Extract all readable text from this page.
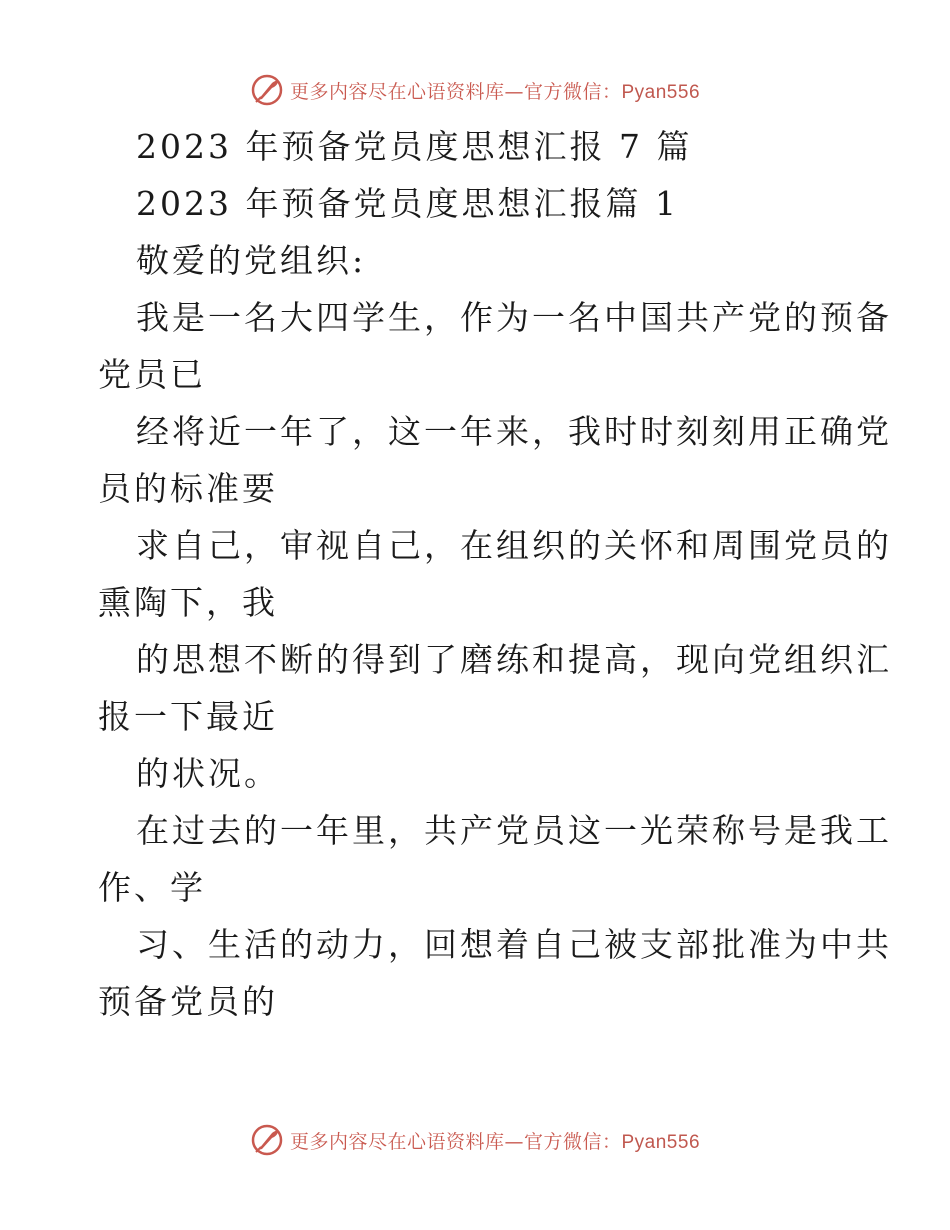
更多内容尽在心语资料库—官方微信：Pyan556
2023 年预备党员度思想汇报 7 篇
2023 年预备党员度思想汇报篇 1
敬爱的党组织:
我是一名大四学生，作为一名中国共产党的预备
党员已
经将近一年了，这一年来，我时时刻刻用正确党
员的标准要
求自己，审视自己，在组织的关怀和周围党员的
熏陶下，我
的思想不断的得到了磨练和提高，现向党组织汇
报一下最近
的状况。
在过去的一年里，共产党员这一光荣称号是我工
作、学
习、生活的动力，回想着自己被支部批准为中共
预备党员的
更多内容尽在心语资料库—官方微信：Pyan556
